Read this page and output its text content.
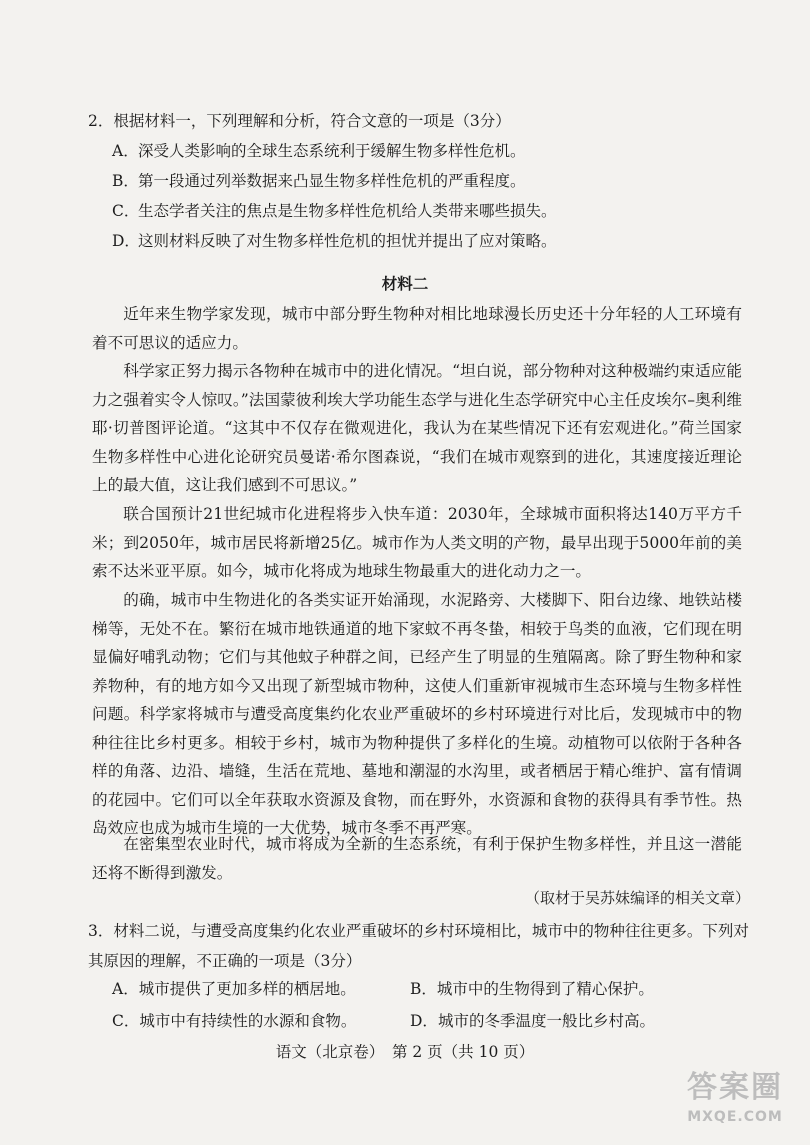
2．根据材料一，下列理解和分析，符合文意的一项是（3分）

A．深受人类影响的全球生态系统利于缓解生物多样性危机。

B．第一段通过列举数据来凸显生物多样性危机的严重程度。

C．生态学者关注的焦点是生物多样性危机给人类带来哪些损失。

D．这则材料反映了对生物多样性危机的担忧并提出了应对策略。

材料二

近年来生物学家发现，城市中部分野生物种对相比地球漫长历史还十分年轻的人工环境有着不可思议的适应力。

科学家正努力揭示各物种在城市中的进化情况。“坦白说，部分物种对这种极端约束适应能力之强着实令人惊叹。”法国蒙彼利埃大学功能生态学与进化生态学研究中心主任皮埃尔–奥利维耶·切普图评论道。“这其中不仅存在微观进化，我认为在某些情况下还有宏观进化。”荷兰国家生物多样性中心进化论研究员曼诺·希尔图森说，“我们在城市观察到的进化，其速度接近理论上的最大值，这让我们感到不可思议。”

联合国预计21世纪城市化进程将步入快车道：2030年，全球城市面积将达140万平方千米；到2050年，城市居民将新增25亿。城市作为人类文明的产物，最早出现于5000年前的美索不达米亚平原。如今，城市化将成为地球生物最重大的进化动力之一。

的确，城市中生物进化的各类实证开始涌现，水泥路旁、大楼脚下、阳台边缘、地铁站楼梯等，无处不在。繁衍在城市地铁通道的地下家蚊不再冬蛰，相较于鸟类的血液，它们现在明显偏好哺乳动物；它们与其他蚊子种群之间，已经产生了明显的生殖隔离。除了野生物种和家养物种，有的地方如今又出现了新型城市物种，这使人们重新审视城市生态环境与生物多样性问题。科学家将城市与遭受高度集约化农业严重破坏的乡村环境进行对比后，发现城市中的物种往往比乡村更多。相较于乡村，城市为物种提供了多样化的生境。动植物可以依附于各种各样的角落、边沿、墙缝，生活在荒地、墓地和潮湿的水沟里，或者栖居于精心维护、富有情调的花园中。它们可以全年获取水资源及食物，而在野外，水资源和食物的获得具有季节性。热岛效应也成为城市生境的一大优势，城市冬季不再严寒。

在密集型农业时代，城市将成为全新的生态系统，有利于保护生物多样性，并且这一潜能还将不断得到激发。

（取材于吴苏妹编译的相关文章）

3．材料二说，与遭受高度集约化农业严重破坏的乡村环境相比，城市中的物种往往更多。下列对其原因的理解，不正确的一项是（3分）

A．城市提供了更加多样的栖居地。	B．城市中的生物得到了精心保护。
C．城市中有持续性的水源和食物。	D．城市的冬季温度一般比乡村高。

语文（北京卷）　第 2 页（共 10 页）

答案圈
MXQE.COM
